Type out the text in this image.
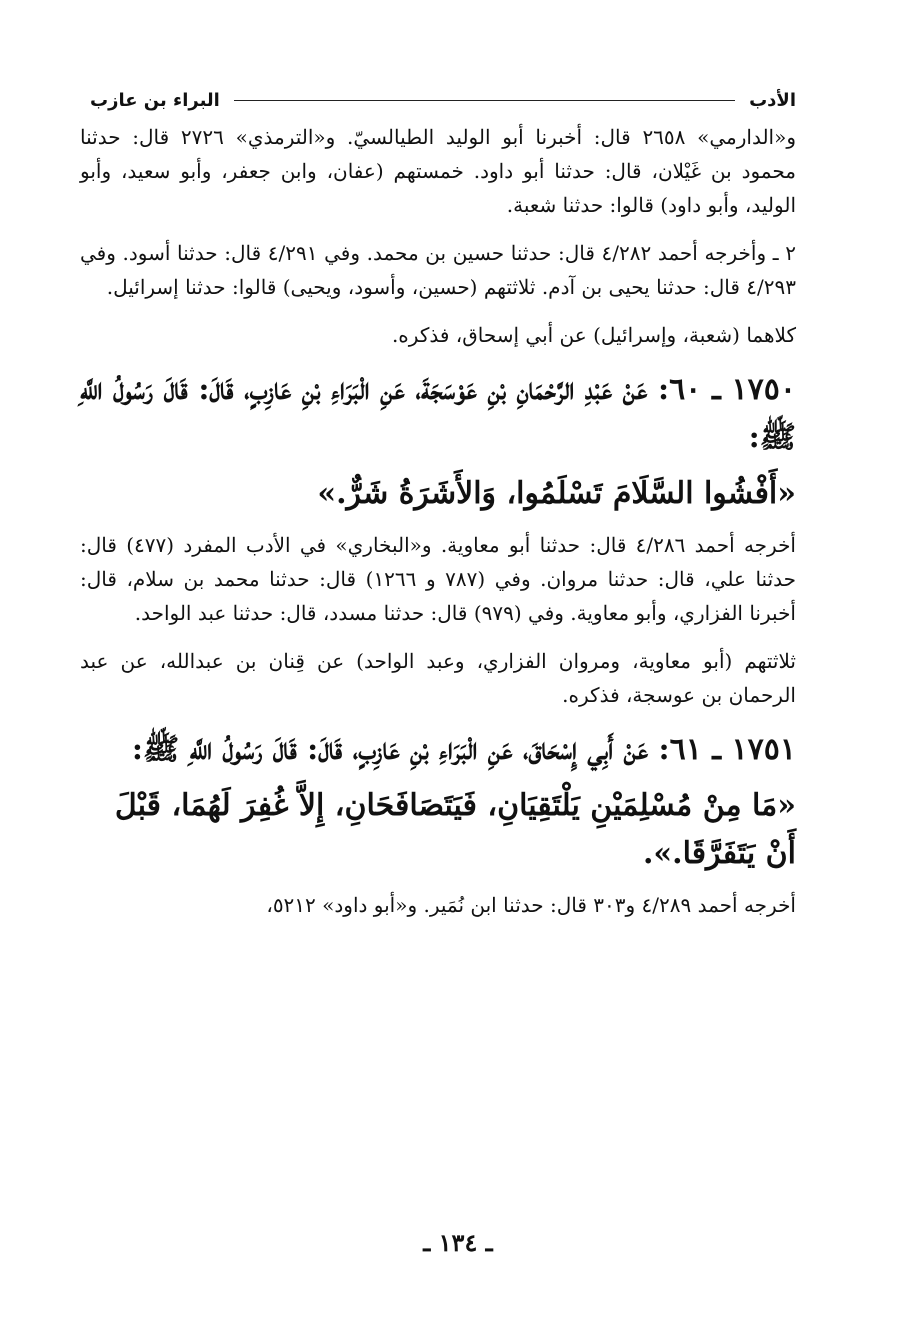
الأدب
البراء بن عازب

و«الدارمي» ٢٦٥٨ قال: أخبرنا أبو الوليد الطيالسيّ. و«الترمذي» ٢٧٢٦ قال: حدثنا محمود بن غَيْلان، قال: حدثنا أبو داود. خمستهم (عفان، وابن جعفر، وأبو سعيد، وأبو الوليد، وأبو داود) قالوا: حدثنا شعبة.

٢ ـ وأخرجه أحمد ٤/٢٨٢ قال: حدثنا حسين بن محمد. وفي ٤/٢٩١ قال: حدثنا أسود. وفي ٤/٢٩٣ قال: حدثنا يحيى بن آدم. ثلاثتهم (حسين، وأسود، ويحيى) قالوا: حدثنا إسرائيل.

كلاهما (شعبة، وإسرائيل) عن أبي إسحاق، فذكره.

١٧٥٠ ـ ٦٠: عَنْ عَبْدِ الرَّحْمَانِ بْنِ عَوْسَجَةَ، عَنِ الْبَرَاءِ بْنِ عَازِبٍ، قَالَ: قَالَ رَسُولُ اللَّهِ ﷺ:

«أَفْشُوا السَّلَامَ تَسْلَمُوا، وَالأَشَرَةُ شَرٌّ.»

أخرجه أحمد ٤/٢٨٦ قال: حدثنا أبو معاوية. و«البخاري» في الأدب المفرد (٤٧٧) قال: حدثنا علي، قال: حدثنا مروان. وفي (٧٨٧ و ١٢٦٦) قال: حدثنا محمد بن سلام، قال: أخبرنا الفزاري، وأبو معاوية. وفي (٩٧٩) قال: حدثنا مسدد، قال: حدثنا عبد الواحد.

ثلاثتهم (أبو معاوية، ومروان الفزاري، وعبد الواحد) عن قِنان بن عبدالله، عن عبد الرحمان بن عوسجة، فذكره.

١٧٥١ ـ ٦١: عَنْ أَبِي إِسْحَاقَ، عَنِ الْبَرَاءِ بْنِ عَازِبٍ، قَالَ: قَالَ رَسُولُ اللَّهِ ﷺ:

«مَا مِنْ مُسْلِمَيْنِ يَلْتَقِيَانِ، فَيَتَصَافَحَانِ، إِلاَّ غُفِرَ لَهُمَا، قَبْلَ أَنْ يَتَفَرَّقَا.».

أخرجه أحمد ٤/٢٨٩ و٣٠٣ قال: حدثنا ابن نُمَير. و«أبو داود» ٥٢١٢،

ـ ١٣٤ ـ
